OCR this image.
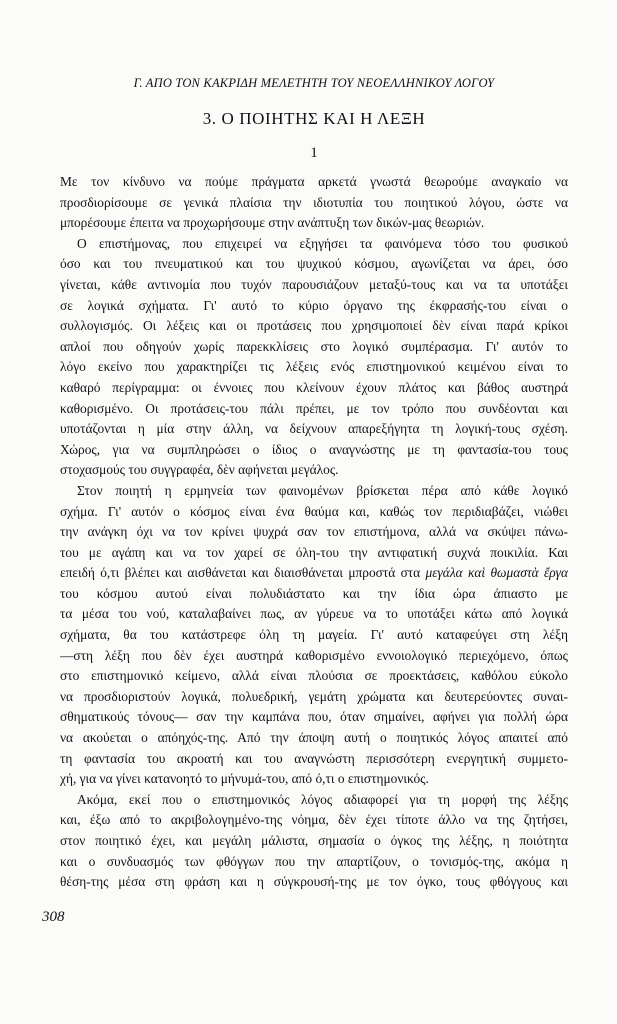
Γ. ΑΠΟ ΤΟΝ ΚΑΚΡΙΔΗ ΜΕΛΕΤΗΤΗ ΤΟΥ ΝΕΟΕΛΛΗΝΙΚΟΥ ΛΟΓΟΥ
3. Ο ΠΟΙΗΤΗΣ ΚΑΙ Η ΛΕΞΗ
1
Με τον κίνδυνο να πούμε πράγματα αρκετά γνωστά θεωρούμε αναγκαίο να
προσδιορίσουμε σε γενικά πλαίσια την ιδιοτυπία του ποιητικού λόγου, ώστε να
μπορέσουμε έπειτα να προχωρήσουμε στην ανάπτυξη των δικών-μας θεωριών.
Ο επιστήμονας, που επιχειρεί να εξηγήσει τα φαινόμενα τόσο του φυσικού
όσο και του πνευματικού και του ψυχικού κόσμου, αγωνίζεται να άρει, όσο
γίνεται, κάθε αντινομία που τυχόν παρουσιάζουν μεταξύ-τους και να τα υποτάξει
σε λογικά σχήματα. Γι' αυτό το κύριο όργανο της έκφρασής-του είναι ο
συλλογισμός. Οι λέξεις και οι προτάσεις που χρησιμοποιεί δὲν είναι παρά κρίκοι
απλοί που οδηγούν χωρίς παρεκκλίσεις στο λογικό συμπέρασμα. Γι' αυτόν το
λόγο εκείνο που χαρακτηρίζει τις λέξεις ενός επιστημονικού κειμένου είναι το
καθαρό περίγραμμα: οι έννοιες που κλείνουν έχουν πλάτος και βάθος αυστηρά
καθορισμένο. Οι προτάσεις-του πάλι πρέπει, με τον τρόπο που συνδέονται και
υποτάζονται η μία στην άλλη, να δείχνουν απαρεξήγητα τη λογική-τους σχέση.
Χώρος, για να συμπληρώσει ο ίδιος ο αναγνώστης με τη φαντασία-του τους
στοχασμούς του συγγραφέα, δὲν αφήνεται μεγάλος.
Στον ποιητή η ερμηνεία των φαινομένων βρίσκεται πέρα από κάθε λογικό
σχήμα. Γι' αυτόν ο κόσμος είναι ένα θαύμα και, καθώς τον περιδιαβάζει, νιώθει
την ανάγκη όχι να τον κρίνει ψυχρά σαν τον επιστήμονα, αλλά να σκύψει πάνω-
του με αγάπη και να τον χαρεί σε όλη-του την αντιφατική συχνά ποικιλία. Και
επειδή ό,τι βλέπει και αισθάνεται και διαισθάνεται μπροστά στα μεγάλα καὶ θωμαστὰ ἔργα
του κόσμου αυτού είναι πολυδιάστατο και την ίδια ώρα άπιαστο με
τα μέσα του νού, καταλαβαίνει πως, αν γύρευε να το υποτάξει κάτω από λογικά
σχήματα, θα του κατάστρεφε όλη τη μαγεία. Γι' αυτό καταφεύγει στη λέξη
—στη λέξη που δὲν έχει αυστηρά καθορισμένο εννοιολογικό περιεχόμενο, όπως
στο επιστημονικό κείμενο, αλλά είναι πλούσια σε προεκτάσεις, καθόλου εύκολο
να προσδιοριστούν λογικά, πολυεδρική, γεμάτη χρώματα και δευτερεύοντες συναι-
σθηματικούς τόνους— σαν την καμπάνα που, όταν σημαίνει, αφήνει για πολλή ώρα
να ακούεται ο απόηχός-της. Από την άποψη αυτή ο ποιητικός λόγος απαιτεί από
τη φαντασία του ακροατή και του αναγνώστη περισσότερη ενεργητική συμμετο-
χή, για να γίνει κατανοητό το μήνυμά-του, από ό,τι ο επιστημονικός.
Ακόμα, εκεί που ο επιστημονικός λόγος αδιαφορεί για τη μορφή της λέξης
και, έξω από το ακριβολογημένο-της νόημα, δὲν έχει τίποτε άλλο να της ζητήσει,
στον ποιητικό έχει, και μεγάλη μάλιστα, σημασία ο όγκος της λέξης, η ποιότητα
και ο συνδυασμός των φθόγγων που την απαρτίζουν, ο τονισμός-της, ακόμα η
θέση-της μέσα στη φράση και η σύγκρουσή-της με τον όγκο, τους φθόγγους και
308
